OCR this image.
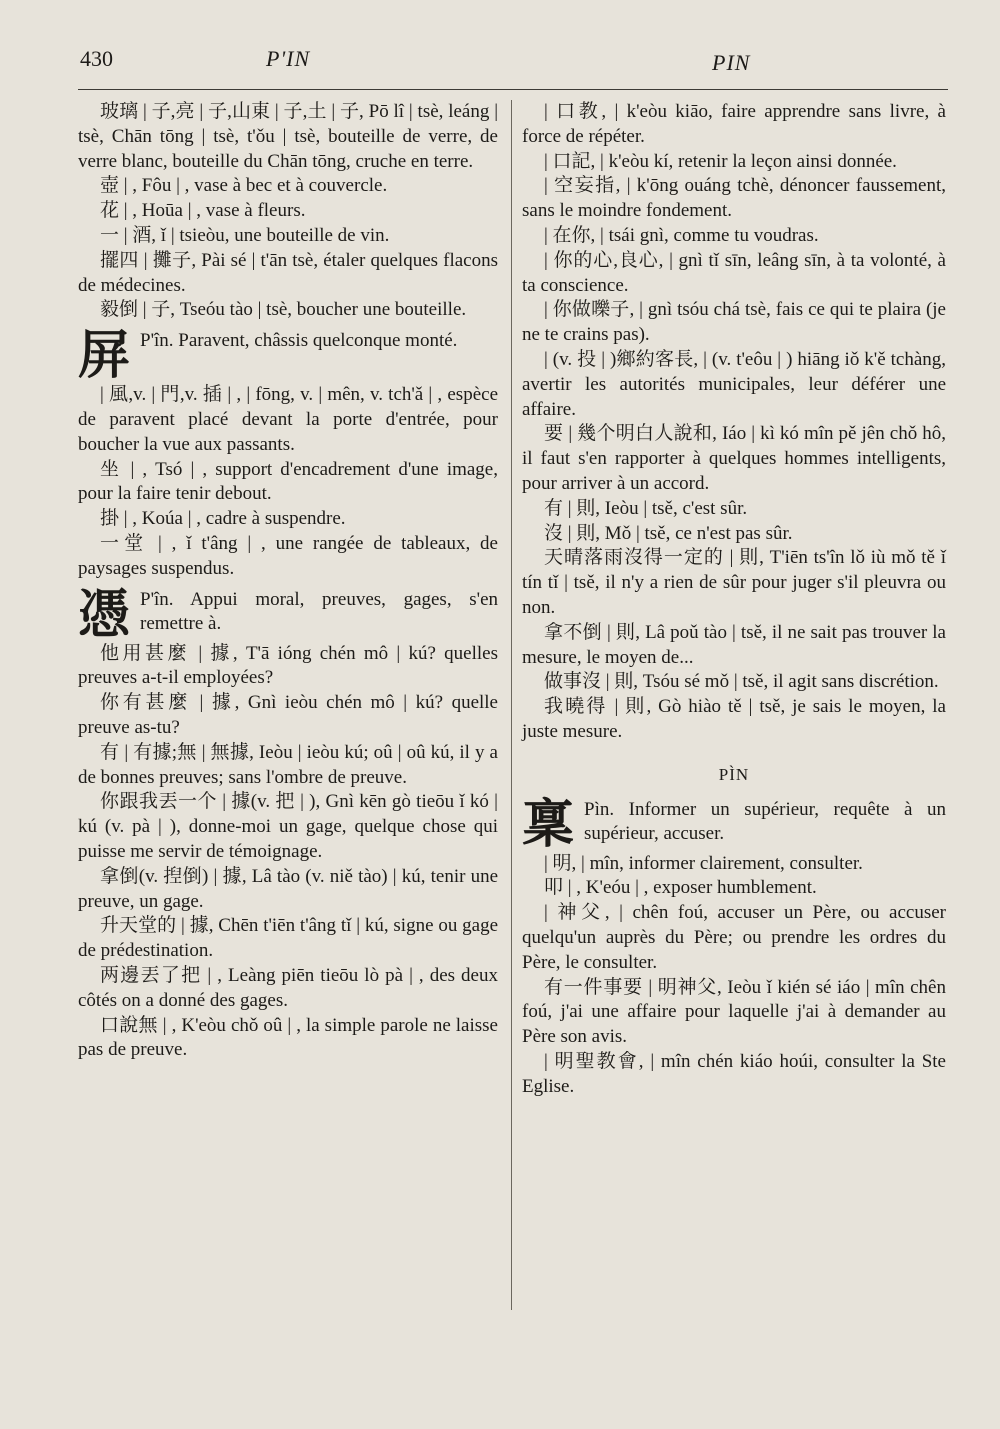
430	P'IN	PIN

玻璃 | 子,亮 | 子,山東 | 子,土 | 子, Pō lî | tsè, leáng | tsè, Chān tōng | tsè, t'ǒu | tsè, bouteille de verre, de verre blanc, bouteille du Chān tōng, cruche en terre.

壺 | , Fôu | , vase à bec et à couvercle.

花 | , Hoūa | , vase à fleurs.

一 | 酒, ǐ | tsieòu, une bouteille de vin.

擺四 | 攤子, Pài sé | t'ān tsè, étaler quelques flacons de médecines.

毅倒 | 子, Tseóu tào | tsè, boucher une bouteille.

屏 P'în. Paravent, châssis quelconque monté.

| 風,v. | 門,v. 插 | , | fōng, v. | mên, v. tch'ǎ | , espèce de paravent placé devant la porte d'entrée, pour boucher la vue aux passants.

坐 | , Tsó | , support d'encadrement d'une image, pour la faire tenir debout.

掛 | , Koúa | , cadre à suspendre.

一堂 | , ǐ t'âng | , une rangée de tableaux, de paysages suspendus.

憑 P'în. Appui moral, preuves, gages, s'en remettre à.

他用甚麼 | 據, T'ā ióng chén mô | kú? quelles preuves a-t-il employées?

你有甚麼 | 據, Gnì ieòu chén mô | kú? quelle preuve as-tu?

有 | 有據;無 | 無據, Ieòu | ieòu kú; oû | oû kú, il y a de bonnes preuves; sans l'ombre de preuve.

你跟我丟一个 | 據(v. 把 | ), Gnì kēn gò tieōu ǐ kó | kú (v. pà | ), donne-moi un gage, quelque chose qui puisse me servir de témoignage.

拿倒(v. 揑倒) | 據, Lâ tào (v. niě tào) | kú, tenir une preuve, un gage.

升天堂的 | 據, Chēn t'iēn t'âng tǐ | kú, signe ou gage de prédestination.

两邊丟了把 | , Leàng piēn tieōu lò pà | , des deux côtés on a donné des gages.

口說無 | , K'eòu chǒ oû | , la simple parole ne laisse pas de preuve.

| 口教, | k'eòu kiāo, faire apprendre sans livre, à force de répéter.

| 口記, | k'eòu kí, retenir la leçon ainsi donnée.

| 空妄指, | k'ōng ouáng tchè, dénoncer faussement, sans le moindre fondement.

| 在你, | tsái gnì, comme tu voudras.

| 你的心,良心, | gnì tǐ sīn, leâng sīn, à ta volonté, à ta conscience.

| 你做嚛子, | gnì tsóu chá tsè, fais ce qui te plaira (je ne te crains pas).

| (v. 投 | )鄉約客長, | (v. t'eôu | ) hiāng iǒ k'ě tchàng, avertir les autorités municipales, leur déférer une affaire.

要 | 幾个明白人說和, Iáo | kì kó mîn pě jên chǒ hô, il faut s'en rapporter à quelques hommes intelligents, pour arriver à un accord.

有 | 則, Ieòu | tsě, c'est sûr.

沒 | 則, Mǒ | tsě, ce n'est pas sûr.

天晴落雨沒得一定的 | 則, T'iēn ts'în lǒ iù mǒ tě ǐ tín tǐ | tsě, il n'y a rien de sûr pour juger s'il pleuvra ou non.

拿不倒 | 則, Lâ poǔ tào | tsě, il ne sait pas trouver la mesure, le moyen de...

做事沒 | 則, Tsóu sé mǒ | tsě, il agit sans discrétion.

我曉得 | 則, Gò hiào tě | tsě, je sais le moyen, la juste mesure.

PÌN
稟 Pìn. Informer un supérieur, requête à un supérieur, accuser.

| 明, | mîn, informer clairement, consulter.

叩 | , K'eóu | , exposer humblement.

| 神父, | chên foú, accuser un Père, ou accuser quelqu'un auprès du Père; ou prendre les ordres du Père, le consulter.

有一件事要 | 明神父, Ieòu ǐ kién sé iáo | mîn chên foú, j'ai une affaire pour laquelle j'ai à demander au Père son avis.

| 明聖教會, | mîn chén kiáo hoúi, consulter la Ste Eglise.
